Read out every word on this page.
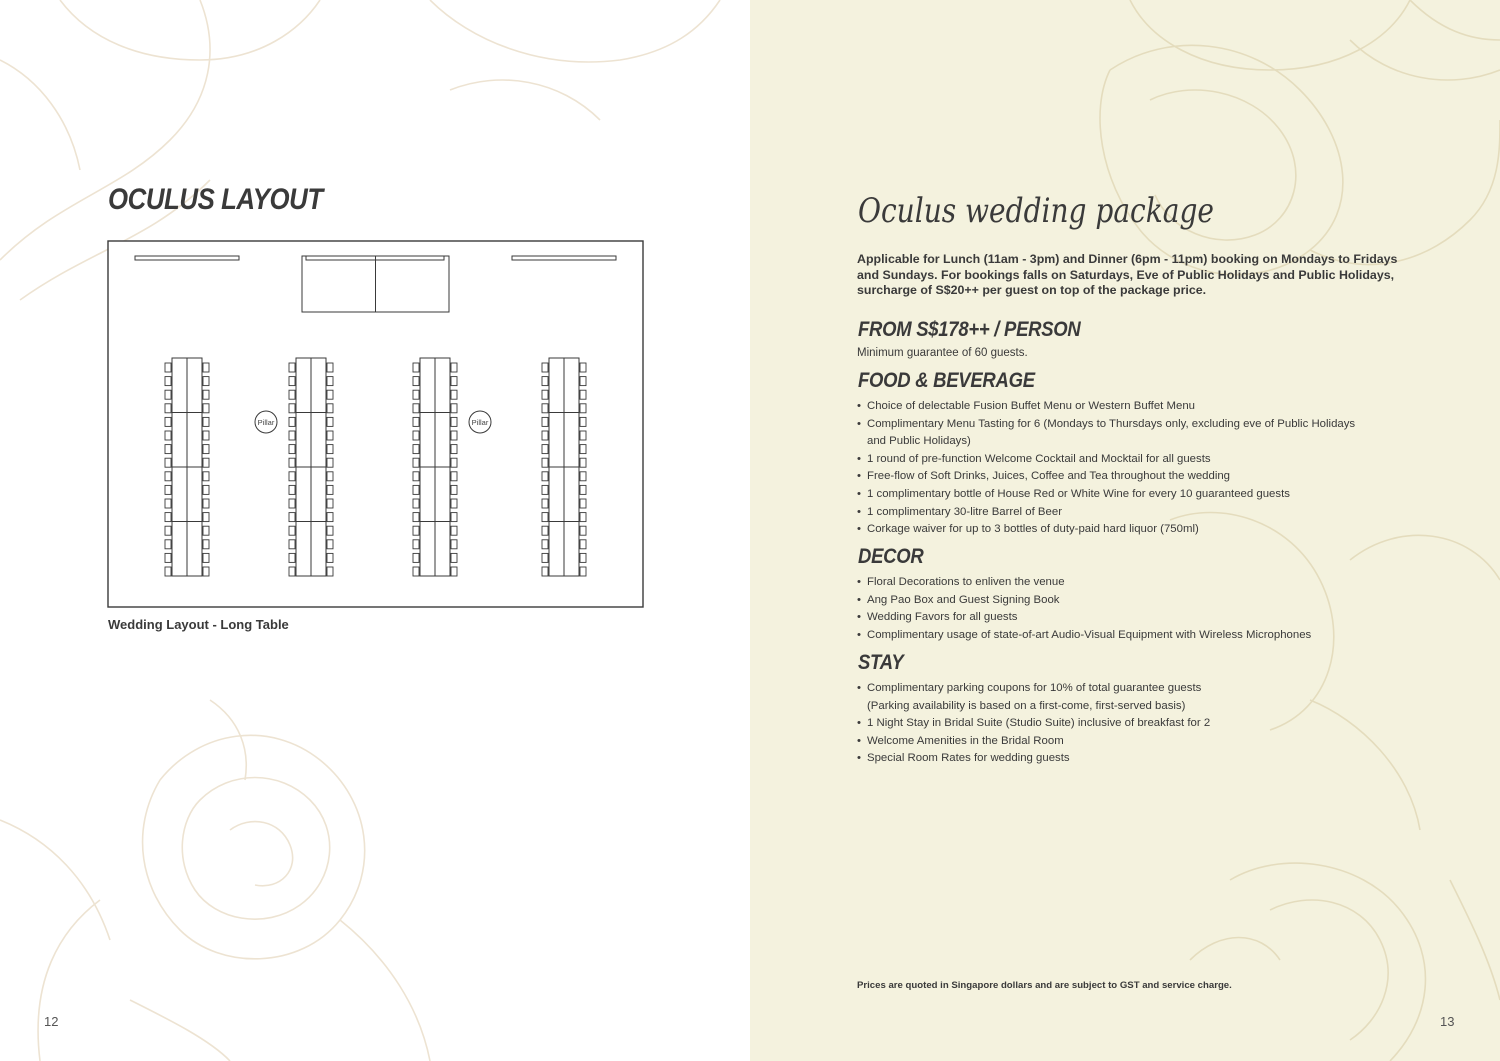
OCULUS LAYOUT
Pillar	Pillar
Wedding Layout - Long Table
12
Oculus wedding package

Applicable for Lunch (11am - 3pm) and Dinner (6pm - 11pm) booking on Mondays to Fridays and Sundays. For bookings falls on Saturdays, Eve of Public Holidays and Public Holidays, surcharge of S$20++ per guest on top of the package price.

FROM S$178++ / PERSON

Minimum guarantee of 60 guests.

FOOD & BEVERAGE
• Choice of delectable Fusion Buffet Menu or Western Buffet Menu
• Complimentary Menu Tasting for 6 (Mondays to Thursdays only, excluding eve of Public Holidays and Public Holidays)
• 1 round of pre-function Welcome Cocktail and Mocktail for all guests
• Free-flow of Soft Drinks, Juices, Coffee and Tea throughout the wedding
• 1 complimentary bottle of House Red or White Wine for every 10 guaranteed guests
• 1 complimentary 30-litre Barrel of Beer
• Corkage waiver for up to 3 bottles of duty-paid hard liquor (750ml)
DECOR
• Floral Decorations to enliven the venue
• Ang Pao Box and Guest Signing Book
• Wedding Favors for all guests
• Complimentary usage of state-of-art Audio-Visual Equipment with Wireless Microphones
STAY
• Complimentary parking coupons for 10% of total guarantee guests (Parking availability is based on a first-come, first-served basis)
• 1 Night Stay in Bridal Suite (Studio Suite) inclusive of breakfast for 2
• Welcome Amenities in the Bridal Room
• Special Room Rates for wedding guests

Prices are quoted in Singapore dollars and are subject to GST and service charge.

13
